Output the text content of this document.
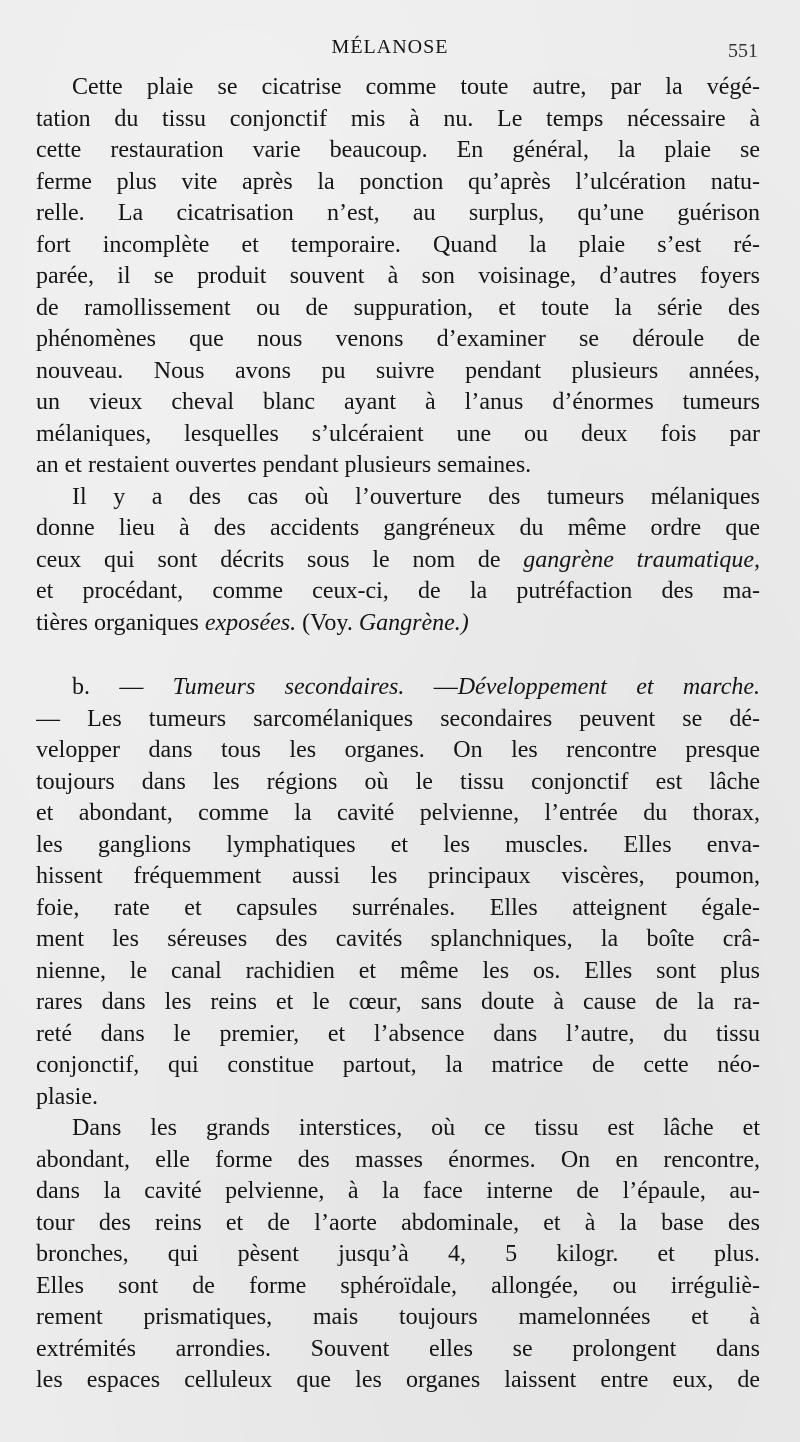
MÉLANOSE	551
Cette plaie se cicatrise comme toute autre, par la végé-
tation du tissu conjonctif mis à nu. Le temps nécessaire à
cette restauration varie beaucoup. En général, la plaie se
ferme plus vite après la ponction qu’après l’ulcération natu-
relle. La cicatrisation n’est, au surplus, qu’une guérison
fort incomplète et temporaire. Quand la plaie s’est ré-
parée, il se produit souvent à son voisinage, d’autres foyers
de ramollissement ou de suppuration, et toute la série des
phénomènes que nous venons d’examiner se déroule de
nouveau. Nous avons pu suivre pendant plusieurs années,
un vieux cheval blanc ayant à l’anus d’énormes tumeurs
mélaniques, lesquelles s’ulcéraient une ou deux fois par
an et restaient ouvertes pendant plusieurs semaines.
Il y a des cas où l’ouverture des tumeurs mélaniques
donne lieu à des accidents gangréneux du même ordre que
ceux qui sont décrits sous le nom de gangrène traumatique,
et procédant, comme ceux-ci, de la putréfaction des ma-
tières organiques exposées. (Voy. Gangrène.)
b. — Tumeurs secondaires. —Développement et marche.
— Les tumeurs sarcomélaniques secondaires peuvent se dé-
velopper dans tous les organes. On les rencontre presque
toujours dans les régions où le tissu conjonctif est lâche
et abondant, comme la cavité pelvienne, l’entrée du thorax,
les ganglions lymphatiques et les muscles. Elles enva-
hissent fréquemment aussi les principaux viscères, poumon,
foie, rate et capsules surrénales. Elles atteignent égale-
ment les séreuses des cavités splanchniques, la boîte crâ-
nienne, le canal rachidien et même les os. Elles sont plus
rares dans les reins et le cœur, sans doute à cause de la ra-
reté dans le premier, et l’absence dans l’autre, du tissu
conjonctif, qui constitue partout, la matrice de cette néo-
plasie.
Dans les grands interstices, où ce tissu est lâche et
abondant, elle forme des masses énormes. On en rencontre,
dans la cavité pelvienne, à la face interne de l’épaule, au-
tour des reins et de l’aorte abdominale, et à la base des
bronches, qui pèsent jusqu’à 4, 5 kilogr. et plus.
Elles sont de forme sphéroïdale, allongée, ou irréguliè-
rement prismatiques, mais toujours mamelonnées et à
extrémités arrondies. Souvent elles se prolongent dans
les espaces celluleux que les organes laissent entre eux, de
